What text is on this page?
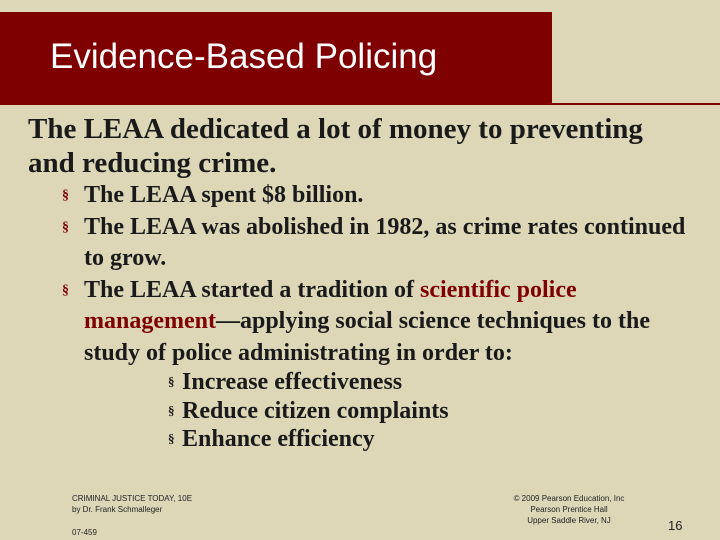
Evidence-Based Policing
The LEAA dedicated a lot of money to preventing and reducing crime.
§ The LEAA spent $8 billion.
§ The LEAA was abolished in 1982, as crime rates continued to grow.
§ The LEAA started a tradition of scientific police management—applying social science techniques to the study of police administrating in order to:
§ Increase effectiveness
§ Reduce citizen complaints
§ Enhance efficiency
CRIMINAL JUSTICE TODAY, 10E
by Dr. Frank Schmalleger
07-459
© 2009 Pearson Education, Inc
Pearson Prentice Hall
Upper Saddle River, NJ	16
